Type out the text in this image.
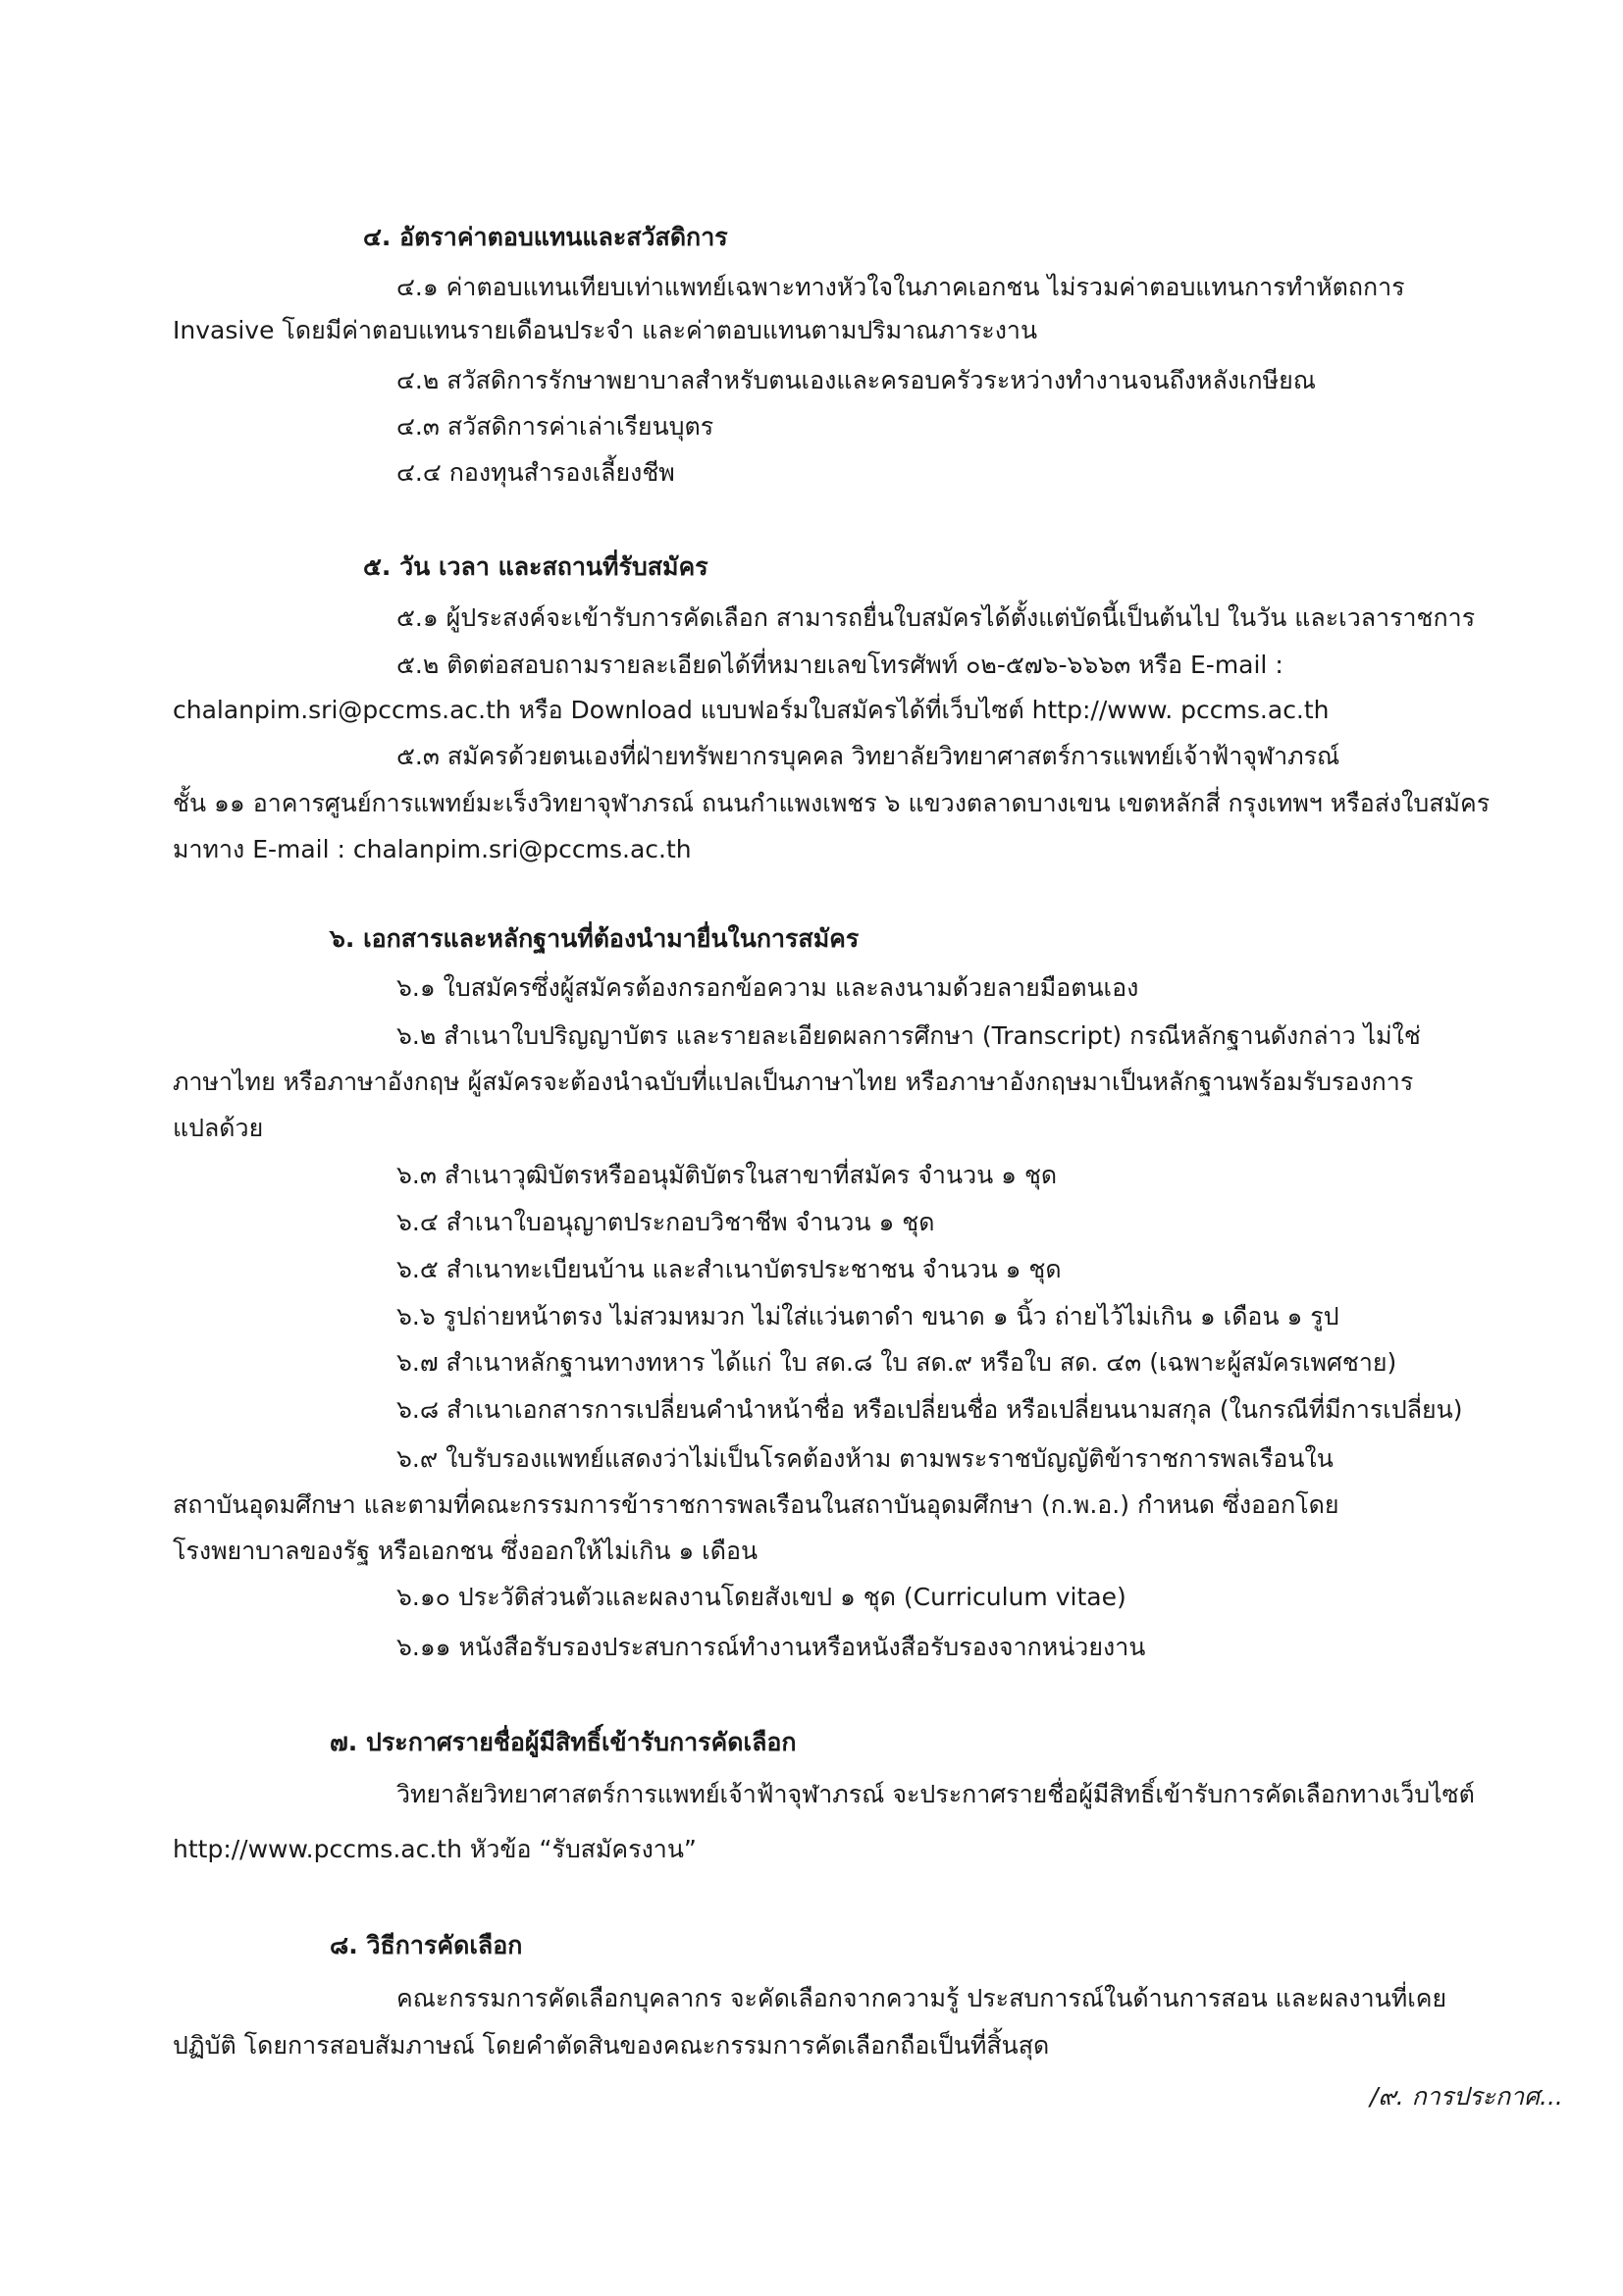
๔. อัตราค่าตอบแทนและสวัสดิการ
๔.๑ ค่าตอบแทนเทียบเท่าแพทย์เฉพาะทางหัวใจในภาคเอกชน ไม่รวมค่าตอบแทนการทำหัตถการ
Invasive โดยมีค่าตอบแทนรายเดือนประจำ และค่าตอบแทนตามปริมาณภาระงาน
๔.๒ สวัสดิการรักษาพยาบาลสำหรับตนเองและครอบครัวระหว่างทำงานจนถึงหลังเกษียณ
๔.๓ สวัสดิการค่าเล่าเรียนบุตร
๔.๔ กองทุนสำรองเลี้ยงชีพ
๕. วัน เวลา และสถานที่รับสมัคร
๕.๑ ผู้ประสงค์จะเข้ารับการคัดเลือก สามารถยื่นใบสมัครได้ตั้งแต่บัดนี้เป็นต้นไป ในวัน และเวลาราชการ
๕.๒ ติดต่อสอบถามรายละเอียดได้ที่หมายเลขโทรศัพท์ ๐๒-๕๗๖-๖๖๖๓ หรือ E-mail :
chalanpim.sri@pccms.ac.th หรือ Download แบบฟอร์มใบสมัครได้ที่เว็บไซต์ http://www. pccms.ac.th
๕.๓ สมัครด้วยตนเองที่ฝ่ายทรัพยากรบุคคล วิทยาลัยวิทยาศาสตร์การแพทย์เจ้าฟ้าจุฬาภรณ์
ชั้น ๑๑ อาคารศูนย์การแพทย์มะเร็งวิทยาจุฬาภรณ์ ถนนกำแพงเพชร ๖ แขวงตลาดบางเขน เขตหลักสี่ กรุงเทพฯ หรือส่งใบสมัคร
มาทาง E-mail : chalanpim.sri@pccms.ac.th
๖. เอกสารและหลักฐานที่ต้องนำมายื่นในการสมัคร
๖.๑ ใบสมัครซึ่งผู้สมัครต้องกรอกข้อความ และลงนามด้วยลายมือตนเอง
๖.๒ สำเนาใบปริญญาบัตร และรายละเอียดผลการศึกษา (Transcript) กรณีหลักฐานดังกล่าว ไม่ใช่
ภาษาไทย หรือภาษาอังกฤษ ผู้สมัครจะต้องนำฉบับที่แปลเป็นภาษาไทย หรือภาษาอังกฤษมาเป็นหลักฐานพร้อมรับรองการ
แปลด้วย
๖.๓ สำเนาวุฒิบัตรหรืออนุมัติบัตรในสาขาที่สมัคร จำนวน ๑ ชุด
๖.๔ สำเนาใบอนุญาตประกอบวิชาชีพ จำนวน ๑ ชุด
๖.๕ สำเนาทะเบียนบ้าน และสำเนาบัตรประชาชน จำนวน ๑ ชุด
๖.๖ รูปถ่ายหน้าตรง ไม่สวมหมวก ไม่ใส่แว่นตาดำ ขนาด ๑ นิ้ว ถ่ายไว้ไม่เกิน ๑ เดือน ๑ รูป
๖.๗ สำเนาหลักฐานทางทหาร ได้แก่ ใบ สด.๘ ใบ สด.๙ หรือใบ สด. ๔๓ (เฉพาะผู้สมัครเพศชาย)
๖.๘ สำเนาเอกสารการเปลี่ยนคำนำหน้าชื่อ หรือเปลี่ยนชื่อ หรือเปลี่ยนนามสกุล (ในกรณีที่มีการเปลี่ยน)
๖.๙ ใบรับรองแพทย์แสดงว่าไม่เป็นโรคต้องห้าม ตามพระราชบัญญัติข้าราชการพลเรือนใน
สถาบันอุดมศึกษา และตามที่คณะกรรมการข้าราชการพลเรือนในสถาบันอุดมศึกษา (ก.พ.อ.) กำหนด ซึ่งออกโดย
โรงพยาบาลของรัฐ หรือเอกชน ซึ่งออกให้ไม่เกิน ๑ เดือน
๖.๑๐ ประวัติส่วนตัวและผลงานโดยสังเขป ๑ ชุด (Curriculum vitae)
๖.๑๑ หนังสือรับรองประสบการณ์ทำงานหรือหนังสือรับรองจากหน่วยงาน
๗. ประกาศรายชื่อผู้มีสิทธิ์เข้ารับการคัดเลือก
วิทยาลัยวิทยาศาสตร์การแพทย์เจ้าฟ้าจุฬาภรณ์ จะประกาศรายชื่อผู้มีสิทธิ์เข้ารับการคัดเลือกทางเว็บไซต์
http://www.pccms.ac.th หัวข้อ “รับสมัครงาน”
๘. วิธีการคัดเลือก
คณะกรรมการคัดเลือกบุคลากร จะคัดเลือกจากความรู้ ประสบการณ์ในด้านการสอน และผลงานที่เคย
ปฏิบัติ โดยการสอบสัมภาษณ์ โดยคำตัดสินของคณะกรรมการคัดเลือกถือเป็นที่สิ้นสุด
/๙. การประกาศ...
